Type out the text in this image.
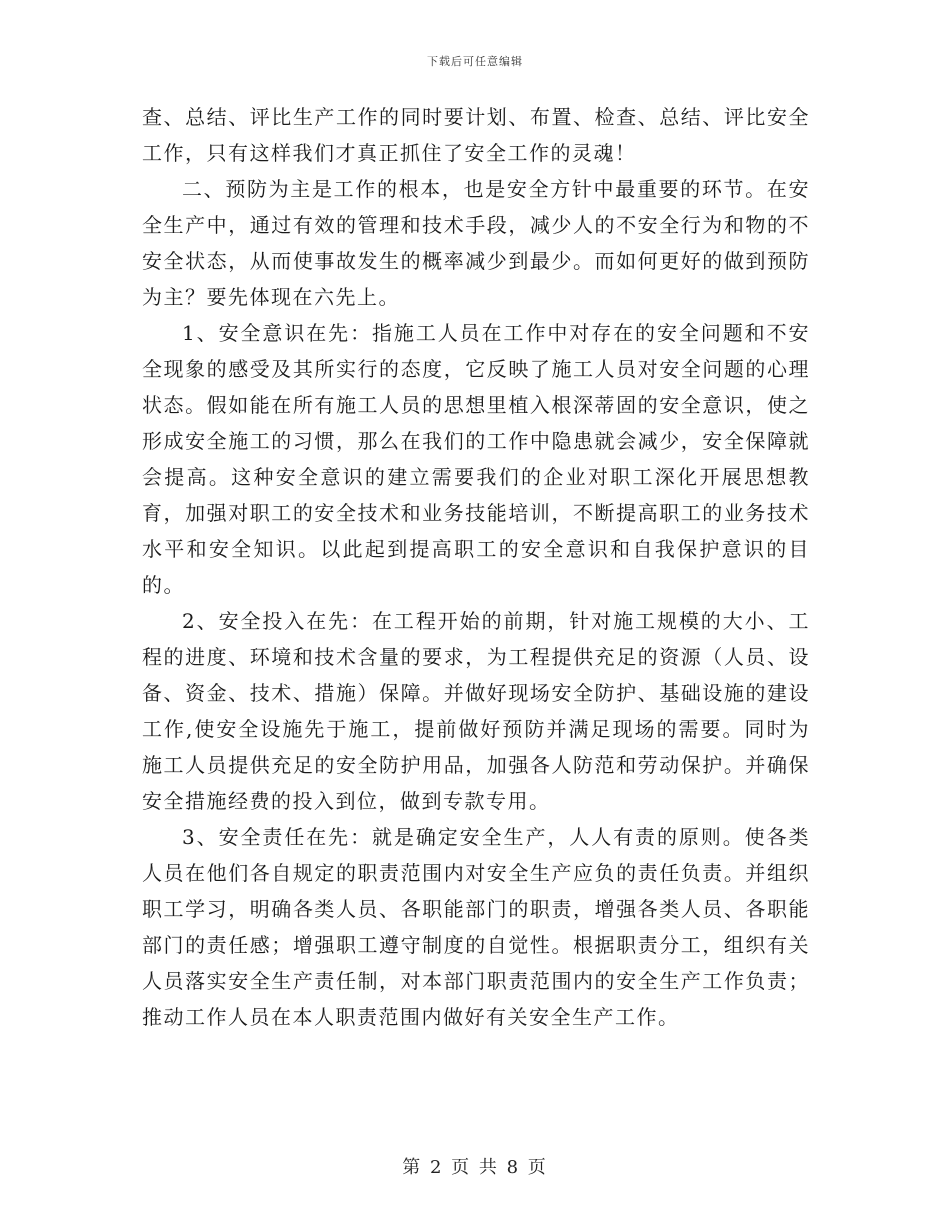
下载后可任意编辑

查、总结、评比生产工作的同时要计划、布置、检查、总结、评比安全工作，只有这样我们才真正抓住了安全工作的灵魂！

二、预防为主是工作的根本，也是安全方针中最重要的环节。在安全生产中，通过有效的管理和技术手段，减少人的不安全行为和物的不安全状态，从而使事故发生的概率减少到最少。而如何更好的做到预防为主？要先体现在六先上。

1、安全意识在先：指施工人员在工作中对存在的安全问题和不安全现象的感受及其所实行的态度，它反映了施工人员对安全问题的心理状态。假如能在所有施工人员的思想里植入根深蒂固的安全意识，使之形成安全施工的习惯，那么在我们的工作中隐患就会减少，安全保障就会提高。这种安全意识的建立需要我们的企业对职工深化开展思想教育，加强对职工的安全技术和业务技能培训，不断提高职工的业务技术水平和安全知识。以此起到提高职工的安全意识和自我保护意识的目的。

2、安全投入在先：在工程开始的前期，针对施工规模的大小、工程的进度、环境和技术含量的要求，为工程提供充足的资源（人员、设备、资金、技术、措施）保障。并做好现场安全防护、基础设施的建设工作,使安全设施先于施工，提前做好预防并满足现场的需要。同时为施工人员提供充足的安全防护用品，加强各人防范和劳动保护。并确保安全措施经费的投入到位，做到专款专用。

3、安全责任在先：就是确定安全生产，人人有责的原则。使各类人员在他们各自规定的职责范围内对安全生产应负的责任负责。并组织职工学习，明确各类人员、各职能部门的职责，增强各类人员、各职能部门的责任感；增强职工遵守制度的自觉性。根据职责分工，组织有关人员落实安全生产责任制，对本部门职责范围内的安全生产工作负责；推动工作人员在本人职责范围内做好有关安全生产工作。

第 2 页 共 8 页
